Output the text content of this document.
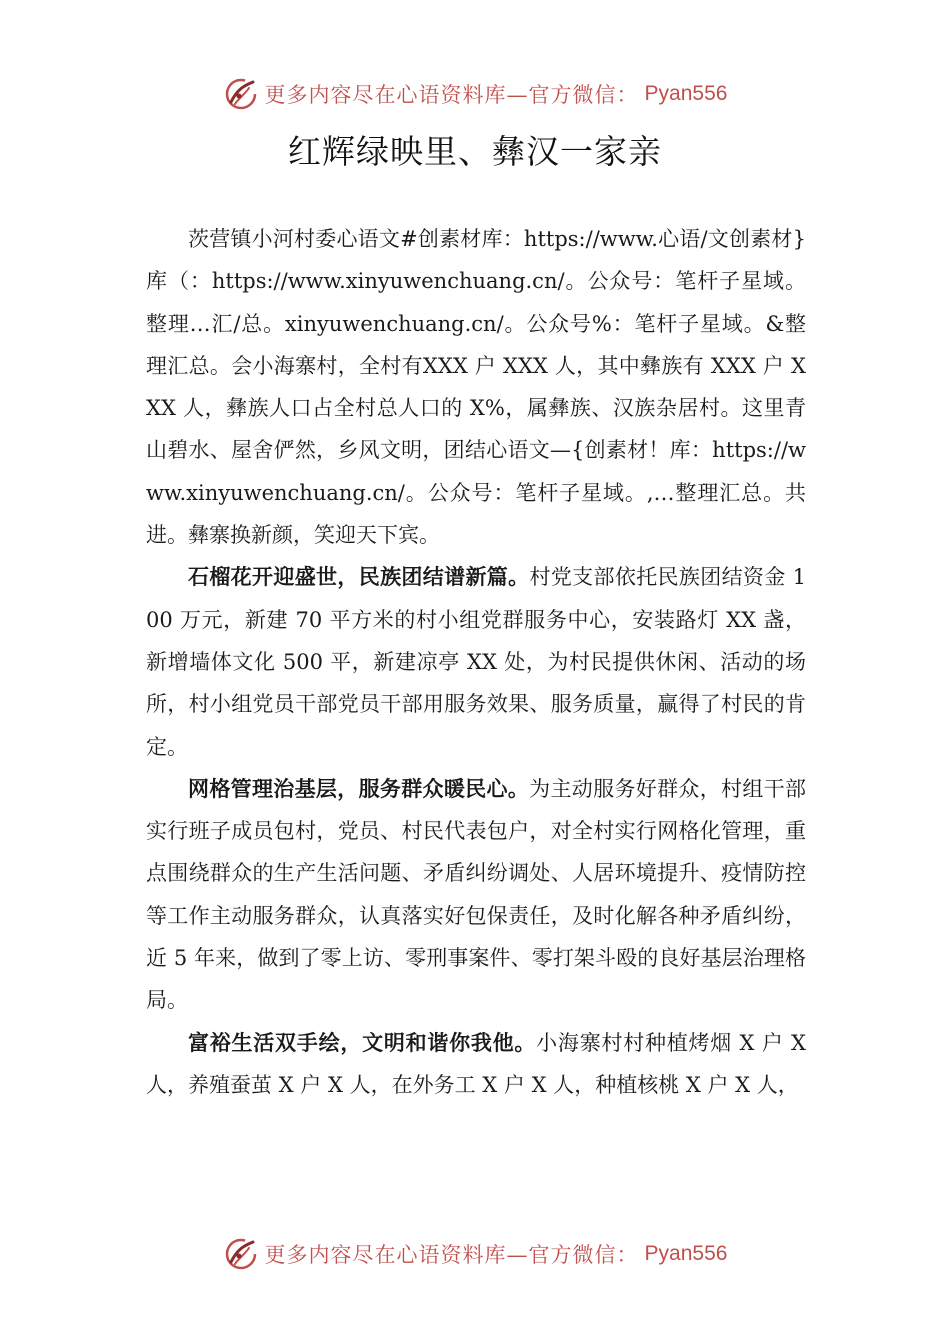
更多内容尽在心语资料库—官方微信： Pyan556
红辉绿映里、彝汉一家亲

茨营镇小河村委心语文#创素材库：https://www.心语/文创素材}库（：https://www.xinyuwenchuang.cn/。公众号：笔杆子星域。整理…汇/总。xinyuwenchuang.cn/。公众号%：笔杆子星域。&整理汇总。会小海寨村，全村有XXX 户 XXX 人，其中彝族有 XXX 户 XXX 人，彝族人口占全村总人口的 X%，属彝族、汉族杂居村。这里青山碧水、屋舍俨然，乡风文明，团结心语文—{创素材！库：https://www.xinyuwenchuang.cn/。公众号：笔杆子星域。,…整理汇总。共进。彝寨换新颜，笑迎天下宾。

石榴花开迎盛世，民族团结谱新篇。村党支部依托民族团结资金 100 万元，新建 70 平方米的村小组党群服务中心，安装路灯 XX 盏，新增墙体文化 500 平，新建凉亭 XX 处，为村民提供休闲、活动的场所，村小组党员干部党员干部用服务效果、服务质量，赢得了村民的肯定。

网格管理治基层，服务群众暖民心。为主动服务好群众，村组干部实行班子成员包村，党员、村民代表包户，对全村实行网格化管理，重点围绕群众的生产生活问题、矛盾纠纷调处、人居环境提升、疫情防控等工作主动服务群众，认真落实好包保责任，及时化解各种矛盾纠纷，近 5 年来，做到了零上访、零刑事案件、零打架斗殴的良好基层治理格局。

富裕生活双手绘，文明和谐你我他。小海寨村村种植烤烟 X 户 X 人，养殖蚕茧 X 户 X 人，在外务工 X 户 X 人，种植核桃 X 户 X 人，

更多内容尽在心语资料库—官方微信： Pyan556
